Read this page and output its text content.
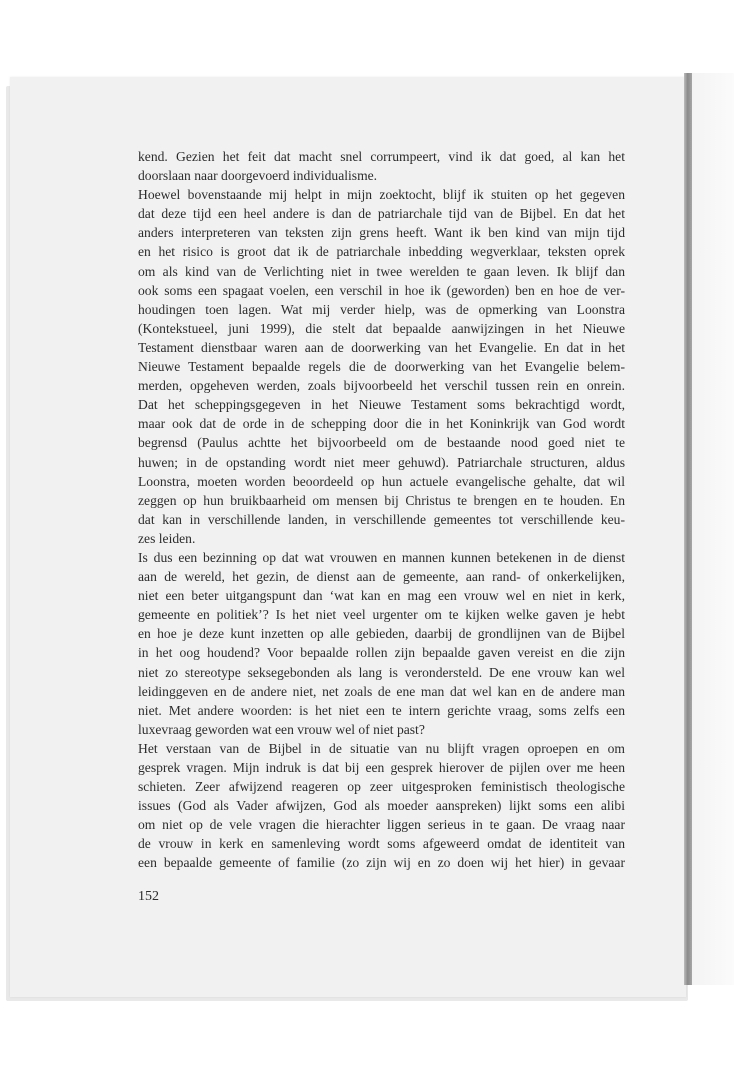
kend. Gezien het feit dat macht snel corrumpeert, vind ik dat goed, al kan het
doorslaan naar doorgevoerd individualisme.
Hoewel bovenstaande mij helpt in mijn zoektocht, blijf ik stuiten op het gegeven
dat deze tijd een heel andere is dan de patriarchale tijd van de Bijbel. En dat het
anders interpreteren van teksten zijn grens heeft. Want ik ben kind van mijn tijd
en het risico is groot dat ik de patriarchale inbedding wegverklaar, teksten oprek
om als kind van de Verlichting niet in twee werelden te gaan leven. Ik blijf dan
ook soms een spagaat voelen, een verschil in hoe ik (geworden) ben en hoe de ver-
houdingen toen lagen. Wat mij verder hielp, was de opmerking van Loonstra
(Kontekstueel, juni 1999), die stelt dat bepaalde aanwijzingen in het Nieuwe
Testament dienstbaar waren aan de doorwerking van het Evangelie. En dat in het
Nieuwe Testament bepaalde regels die de doorwerking van het Evangelie belem-
merden, opgeheven werden, zoals bijvoorbeeld het verschil tussen rein en onrein.
Dat het scheppingsgegeven in het Nieuwe Testament soms bekrachtigd wordt,
maar ook dat de orde in de schepping door die in het Koninkrijk van God wordt
begrensd (Paulus achtte het bijvoorbeeld om de bestaande nood goed niet te
huwen; in de opstanding wordt niet meer gehuwd). Patriarchale structuren, aldus
Loonstra, moeten worden beoordeeld op hun actuele evangelische gehalte, dat wil
zeggen op hun bruikbaarheid om mensen bij Christus te brengen en te houden. En
dat kan in verschillende landen, in verschillende gemeentes tot verschillende keu-
zes leiden.
Is dus een bezinning op dat wat vrouwen en mannen kunnen betekenen in de dienst
aan de wereld, het gezin, de dienst aan de gemeente, aan rand- of onkerkelijken,
niet een beter uitgangspunt dan ‘wat kan en mag een vrouw wel en niet in kerk,
gemeente en politiek’? Is het niet veel urgenter om te kijken welke gaven je hebt
en hoe je deze kunt inzetten op alle gebieden, daarbij de grondlijnen van de Bijbel
in het oog houdend? Voor bepaalde rollen zijn bepaalde gaven vereist en die zijn
niet zo stereotype seksegebonden als lang is verondersteld. De ene vrouw kan wel
leidinggeven en de andere niet, net zoals de ene man dat wel kan en de andere man
niet. Met andere woorden: is het niet een te intern gerichte vraag, soms zelfs een
luxevraag geworden wat een vrouw wel of niet past?
Het verstaan van de Bijbel in de situatie van nu blijft vragen oproepen en om
gesprek vragen. Mijn indruk is dat bij een gesprek hierover de pijlen over me heen
schieten. Zeer afwijzend reageren op zeer uitgesproken feministisch theologische
issues (God als Vader afwijzen, God als moeder aanspreken) lijkt soms een alibi
om niet op de vele vragen die hierachter liggen serieus in te gaan. De vraag naar
de vrouw in kerk en samenleving wordt soms afgeweerd omdat de identiteit van
een bepaalde gemeente of familie (zo zijn wij en zo doen wij het hier) in gevaar
152
